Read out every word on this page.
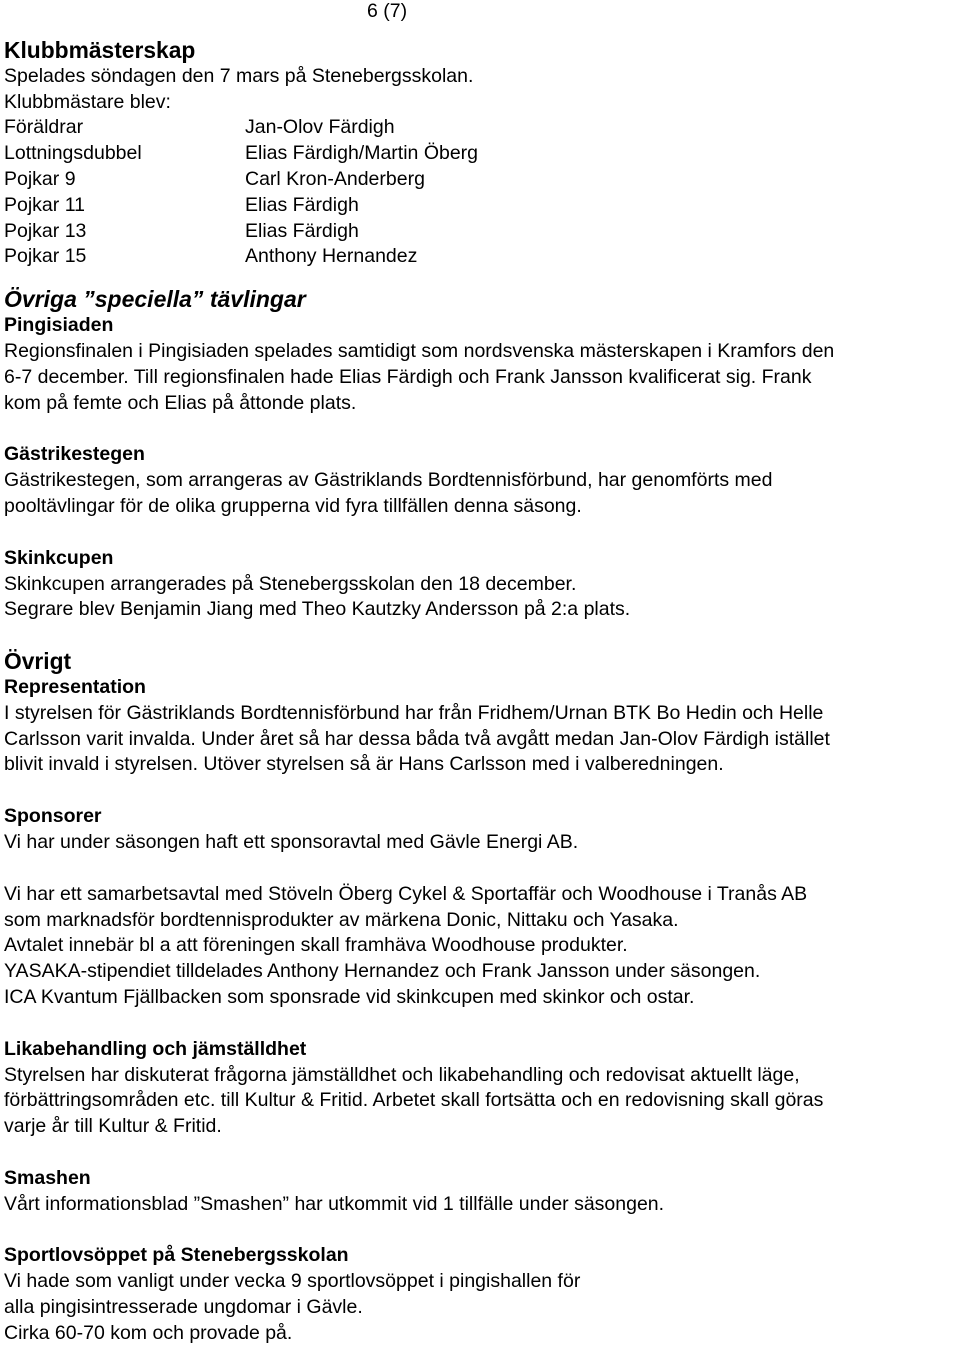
6 (7)
Klubbmästerskap

Spelades söndagen den 7 mars på Stenebergsskolan.

Klubbmästare blev:

Föräldrar	Jan-Olov Färdigh
Lottningsdubbel	Elias Färdigh/Martin Öberg
Pojkar 9	Carl Kron-Anderberg
Pojkar 11	Elias Färdigh
Pojkar 13	Elias Färdigh
Pojkar 15	Anthony Hernandez
Övriga ”speciella” tävlingar
Pingisiaden

Regionsfinalen i Pingisiaden spelades samtidigt som nordsvenska mästerskapen i Kramfors den

6-7 december. Till regionsfinalen hade Elias Färdigh och Frank Jansson kvalificerat sig. Frank

kom på femte och Elias på åttonde plats.

Gästrikestegen

Gästrikestegen, som arrangeras av Gästriklands Bordtennisförbund, har genomförts med

pooltävlingar för de olika grupperna vid fyra tillfällen denna säsong.

Skinkcupen

Skinkcupen arrangerades på Stenebergsskolan den 18 december.

Segrare blev Benjamin Jiang med Theo Kautzky Andersson på 2:a plats.

Övrigt
Representation

I styrelsen för Gästriklands Bordtennisförbund har från Fridhem/Urnan BTK Bo Hedin och Helle

Carlsson varit invalda. Under året så har dessa båda två avgått medan Jan-Olov Färdigh istället

blivit invald i styrelsen. Utöver styrelsen så är Hans Carlsson med i valberedningen.

Sponsorer

Vi har under säsongen haft ett sponsoravtal med Gävle Energi AB.

Vi har ett samarbetsavtal med Stöveln Öberg Cykel & Sportaffär och Woodhouse i Tranås AB

som marknadsför bordtennisprodukter av märkena Donic, Nittaku och Yasaka.

Avtalet innebär bl a att föreningen skall framhäva Woodhouse produkter.

YASAKA-stipendiet tilldelades Anthony Hernandez och Frank Jansson under säsongen.

ICA Kvantum Fjällbacken som sponsrade vid skinkcupen med skinkor och ostar.

Likabehandling och jämställdhet

Styrelsen har diskuterat frågorna jämställdhet och likabehandling och redovisat aktuellt läge,

förbättringsområden etc. till Kultur & Fritid. Arbetet skall fortsätta och en redovisning skall göras

varje år till Kultur & Fritid.

Smashen

Vårt informationsblad ”Smashen” har utkommit vid 1 tillfälle under säsongen.

Sportlovsöppet på Stenebergsskolan

Vi hade som vanligt under vecka 9 sportlovsöppet i pingishallen för

alla pingisintresserade ungdomar i Gävle.

Cirka 60-70 kom och provade på.
